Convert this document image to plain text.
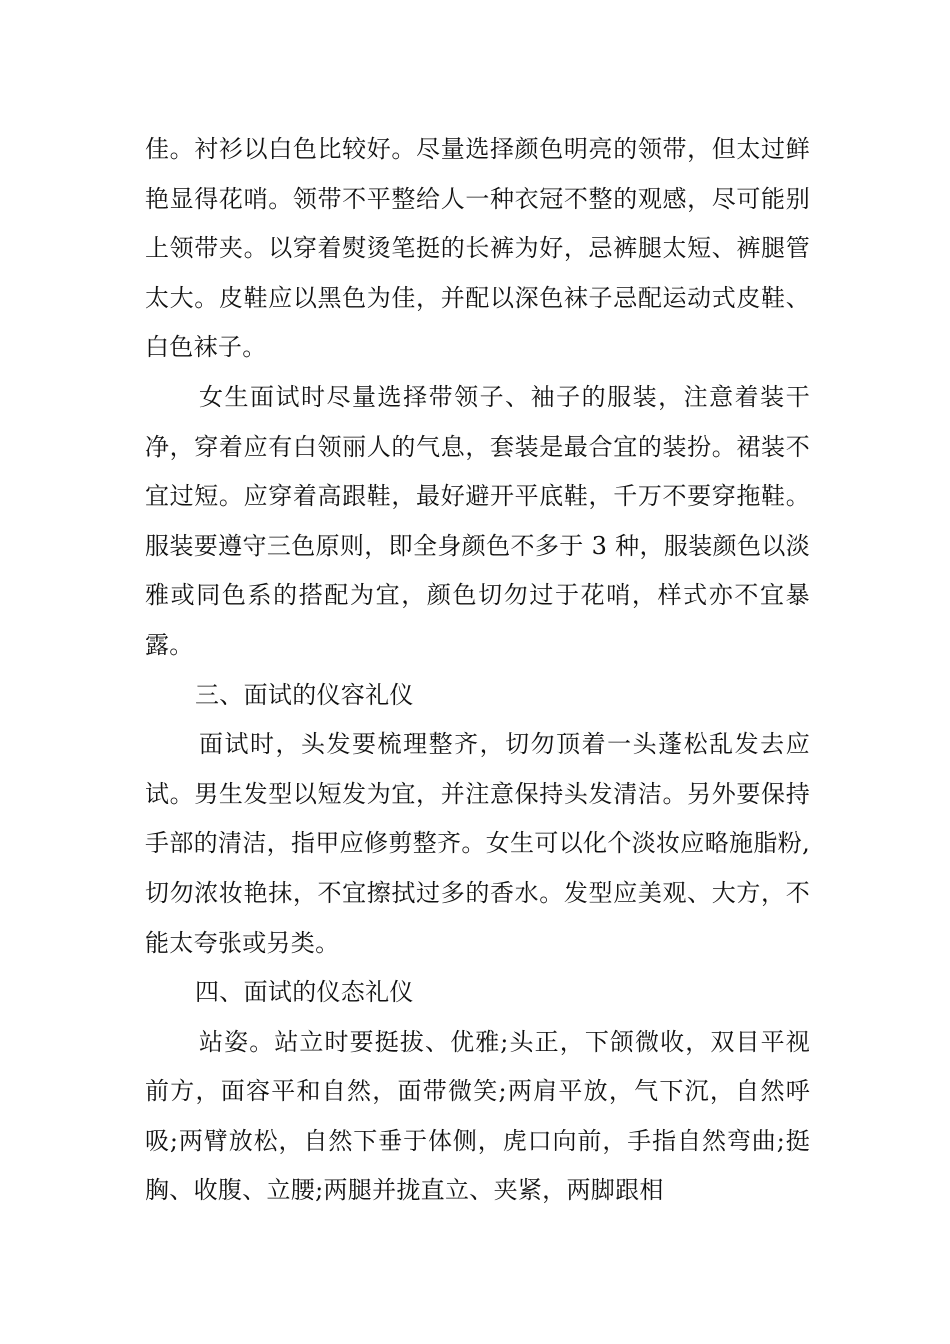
佳。衬衫以白色比较好。尽量选择颜色明亮的领带，但太过鲜艳显得花哨。领带不平整给人一种衣冠不整的观感，尽可能别上领带夹。以穿着熨烫笔挺的长裤为好，忌裤腿太短、裤腿管太大。皮鞋应以黑色为佳，并配以深色袜子忌配运动式皮鞋、白色袜子。

女生面试时尽量选择带领子、袖子的服装，注意着装干净，穿着应有白领丽人的气息，套装是最合宜的装扮。裙装不宜过短。应穿着高跟鞋，最好避开平底鞋，千万不要穿拖鞋。服装要遵守三色原则，即全身颜色不多于 3 种，服装颜色以淡雅或同色系的搭配为宜，颜色切勿过于花哨，样式亦不宜暴露。

三、面试的仪容礼仪

面试时，头发要梳理整齐，切勿顶着一头蓬松乱发去应试。男生发型以短发为宜，并注意保持头发清洁。另外要保持手部的清洁，指甲应修剪整齐。女生可以化个淡妆应略施脂粉,切勿浓妆艳抹，不宜擦拭过多的香水。发型应美观、大方，不能太夸张或另类。

四、面试的仪态礼仪

站姿。站立时要挺拔、优雅;头正，下颌微收，双目平视前方，面容平和自然，面带微笑;两肩平放，气下沉，自然呼吸;两臂放松，自然下垂于体侧，虎口向前，手指自然弯曲;挺胸、收腹、立腰;两腿并拢直立、夹紧，两脚跟相
